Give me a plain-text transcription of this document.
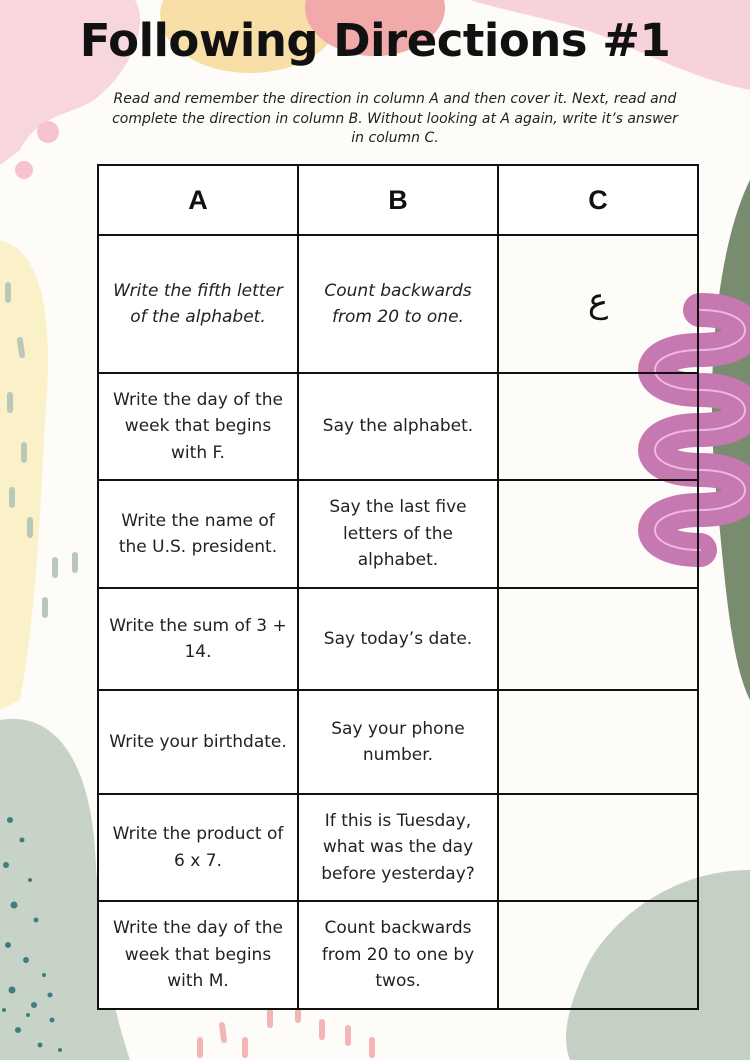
Following Directions #1

Read and remember the direction in column A and then cover it. Next, read and complete the direction in column B. Without looking at A again, write it’s answer in column C.

A	B	C
Write the fifth letter of the alphabet.	Count backwards from 20 to one.	ع
Write the day of the week that begins with F.	Say the alphabet.	
Write the name of the U.S. president.	Say the last five letters of the alphabet.	
Write the sum of 3 + 14.	Say today’s date.	
Write your birthdate.	Say your phone number.	
Write the product of 6 x 7.	If this is Tuesday, what was the day before yesterday?	
Write the day of the week that begins with M.	Count backwards from 20 to one by twos.	
